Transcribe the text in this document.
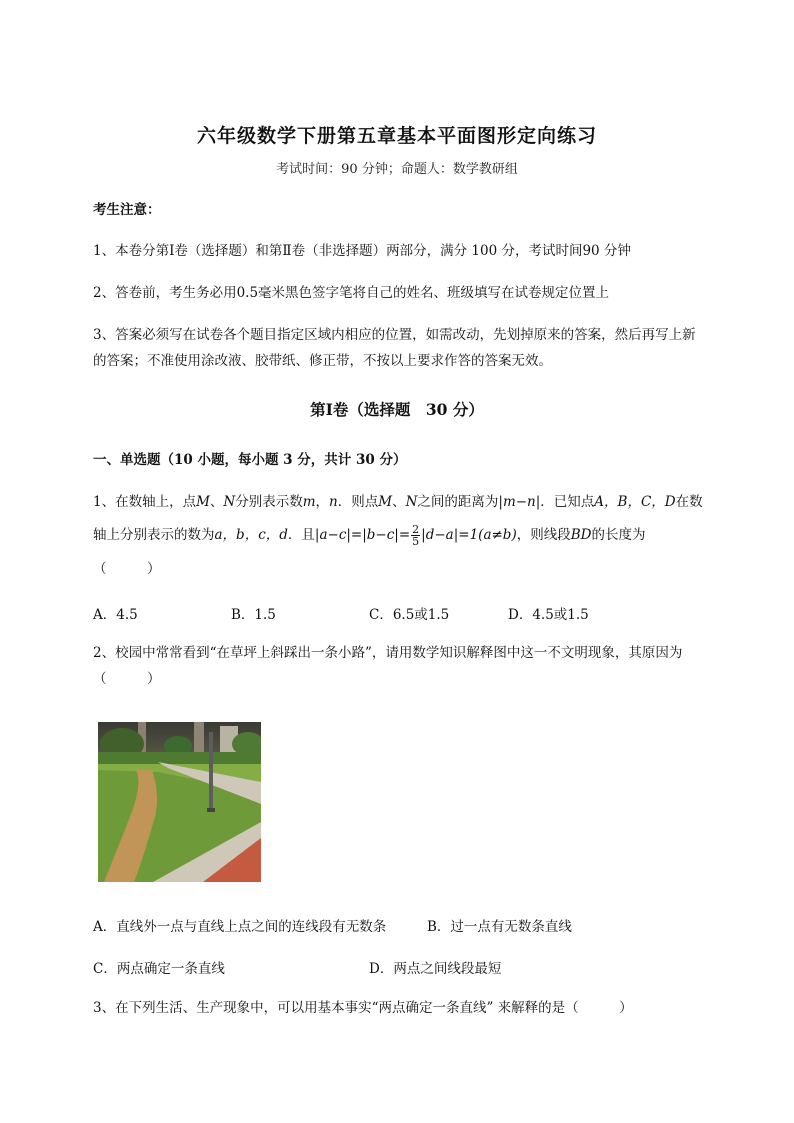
六年级数学下册第五章基本平面图形定向练习
考试时间：90 分钟；命题人：数学教研组
考生注意：
1、本卷分第Ⅰ卷（选择题）和第Ⅱ卷（非选择题）两部分，满分 100 分，考试时间90 分钟
2、答卷前，考生务必用0.5毫米黑色签字笔将自己的姓名、班级填写在试卷规定位置上
3、答案必须写在试卷各个题目指定区域内相应的位置，如需改动，先划掉原来的答案，然后再写上新
的答案；不准使用涂改液、胶带纸、修正带，不按以上要求作答的答案无效。
第Ⅰ卷（选择题　30 分）
一、单选题（10 小题，每小题 3 分，共计 30 分）
1、在数轴上，点M、N分别表示数m，n．则点M、N之间的距离为|m−n|．已知点A，B，C，D在数
轴上分别表示的数为a，b，c，d．且$|a-c|=|b-c|= \frac{2}{5} |d-a|=1(a\ne b)$，则线段BD的长度为
（　　　）
A．4.5	B．1.5	C．6.5或1.5	D．4.5或1.5
2、校园中常常看到“在草坪上斜踩出一条小路”，请用数学知识解释图中这一不文明现象，其原因为
（　　　）
A．直线外一点与直线上点之间的连线段有无数条	B．过一点有无数条直线
C．两点确定一条直线	D．两点之间线段最短
3、在下列生活、生产现象中，可以用基本事实“两点确定一条直线” 来解释的是（　　　）
